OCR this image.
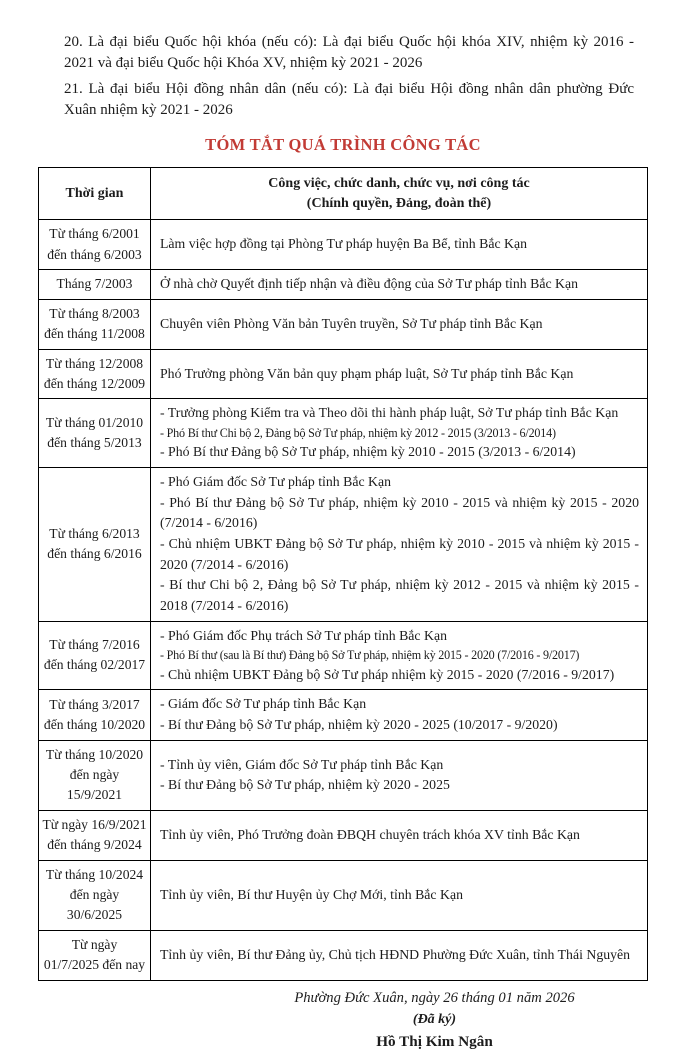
20. Là đại biểu Quốc hội khóa (nếu có): Là đại biểu Quốc hội khóa XIV, nhiệm kỳ 2016 - 2021 và đại biểu Quốc hội Khóa XV, nhiệm kỳ 2021 - 2026

21. Là đại biểu Hội đồng nhân dân (nếu có): Là đại biểu Hội đồng nhân dân phường Đức Xuân nhiệm kỳ 2021 - 2026

TÓM TẮT QUÁ TRÌNH CÔNG TÁC
Thời gian	Công việc, chức danh, chức vụ, nơi công tác
(Chính quyền, Đảng, đoàn thể)

Từ tháng 6/2001
đến tháng 6/2003	Làm việc hợp đồng tại Phòng Tư pháp huyện Ba Bể, tỉnh Bắc Kạn

Tháng 7/2003	Ở nhà chờ Quyết định tiếp nhận và điều động của Sở Tư pháp tỉnh Bắc Kạn

Từ tháng 8/2003
đến tháng 11/2008	Chuyên viên Phòng Văn bản Tuyên truyền, Sở Tư pháp tỉnh Bắc Kạn

Từ tháng 12/2008
đến tháng 12/2009	Phó Trưởng phòng Văn bản quy phạm pháp luật, Sở Tư pháp tỉnh Bắc Kạn

Từ tháng 01/2010
đến tháng 5/2013	- Trưởng phòng Kiểm tra và Theo dõi thi hành pháp luật, Sở Tư pháp tỉnh Bắc Kạn
- Phó Bí thư Chi bộ 2, Đảng bộ Sở Tư pháp, nhiệm kỳ 2012 - 2015 (3/2013 - 6/2014)
- Phó Bí thư Đảng bộ Sở Tư pháp, nhiệm kỳ 2010 - 2015 (3/2013 - 6/2014)

Từ tháng 6/2013
đến tháng 6/2016	- Phó Giám đốc Sở Tư pháp tỉnh Bắc Kạn
- Phó Bí thư Đảng bộ Sở Tư pháp, nhiệm kỳ 2010 - 2015 và nhiệm kỳ 2015 - 2020 (7/2014 - 6/2016)
- Chủ nhiệm UBKT Đảng bộ Sở Tư pháp, nhiệm kỳ 2010 - 2015 và nhiệm kỳ 2015 - 2020 (7/2014 - 6/2016)
- Bí thư Chi bộ 2, Đảng bộ Sở Tư pháp, nhiệm kỳ 2012 - 2015 và nhiệm kỳ 2015 - 2018 (7/2014 - 6/2016)

Từ tháng 7/2016
đến tháng 02/2017	- Phó Giám đốc Phụ trách Sở Tư pháp tỉnh Bắc Kạn
- Phó Bí thư (sau là Bí thư) Đảng bộ Sở Tư pháp, nhiệm kỳ 2015 - 2020 (7/2016 - 9/2017)
- Chủ nhiệm UBKT Đảng bộ Sở Tư pháp nhiệm kỳ 2015 - 2020 (7/2016 - 9/2017)

Từ tháng 3/2017
đến tháng 10/2020	- Giám đốc Sở Tư pháp tỉnh Bắc Kạn
- Bí thư Đảng bộ Sở Tư pháp, nhiệm kỳ 2020 - 2025 (10/2017 - 9/2020)

Từ tháng 10/2020
đến ngày 15/9/2021	- Tỉnh ủy viên, Giám đốc Sở Tư pháp tỉnh Bắc Kạn
- Bí thư Đảng bộ Sở Tư pháp, nhiệm kỳ 2020 - 2025

Từ ngày 16/9/2021
đến tháng 9/2024	Tỉnh ủy viên, Phó Trưởng đoàn ĐBQH chuyên trách khóa XV tỉnh Bắc Kạn

Từ tháng 10/2024
đến ngày 30/6/2025	Tỉnh ủy viên, Bí thư Huyện ủy Chợ Mới, tỉnh Bắc Kạn

Từ ngày
01/7/2025 đến nay	Tỉnh ủy viên, Bí thư Đảng ủy, Chủ tịch HĐND Phường Đức Xuân, tỉnh Thái Nguyên
Phường Đức Xuân, ngày 26 tháng 01 năm 2026
(Đã ký)
Hồ Thị Kim Ngân
